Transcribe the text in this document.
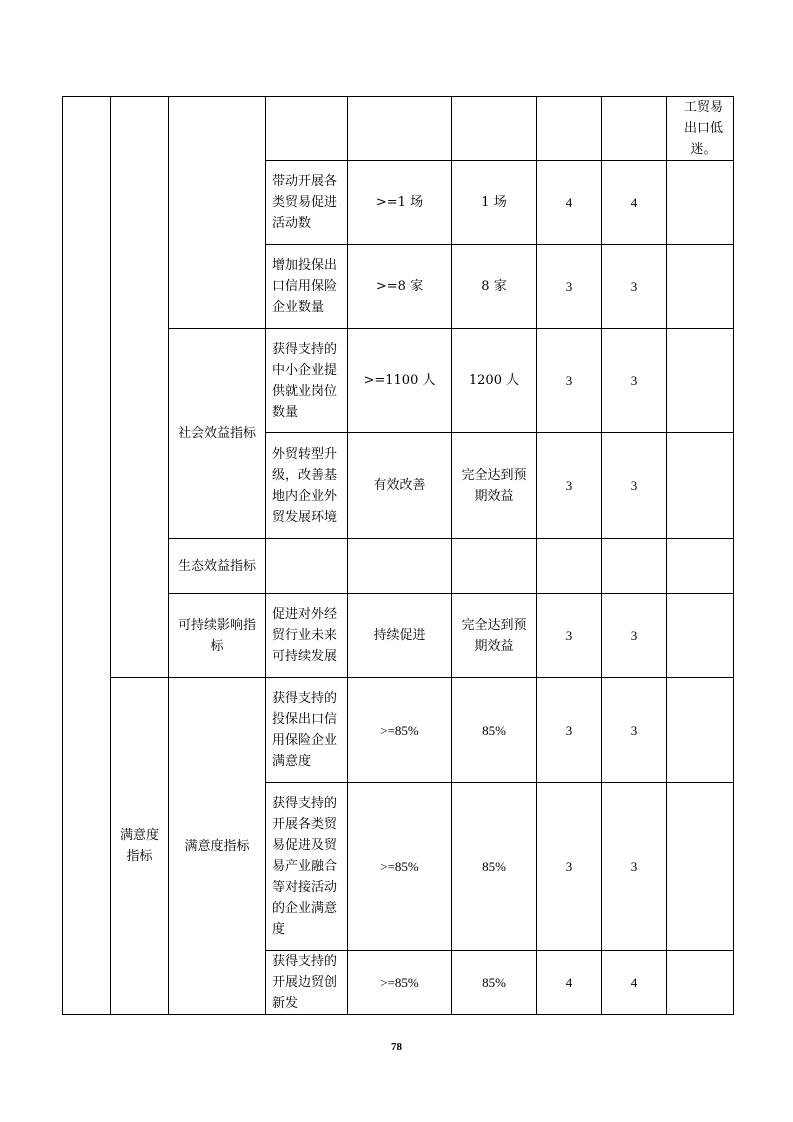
								工贸易出口低迷。
			带动开展各类贸易促进活动数	>=1 场	1 场	4	4	
			增加投保出口信用保险企业数量	>=8 家	8 家	3	3	
		社会效益指标	获得支持的中小企业提供就业岗位数量	>=1100 人	1200 人	3	3	
			外贸转型升级，改善基地内企业外贸发展环境	有效改善	完全达到预期效益	3	3	
		生态效益指标						
		可持续影响指标	促进对外经贸行业未来可持续发展	持续促进	完全达到预期效益	3	3	
	满意度指标	满意度指标	获得支持的投保出口信用保险企业满意度	>=85%	85%	3	3	
			获得支持的开展各类贸易促进及贸易产业融合等对接活动的企业满意度	>=85%	85%	3	3	
			获得支持的开展边贸创新发	>=85%	85%	4	4	
78
